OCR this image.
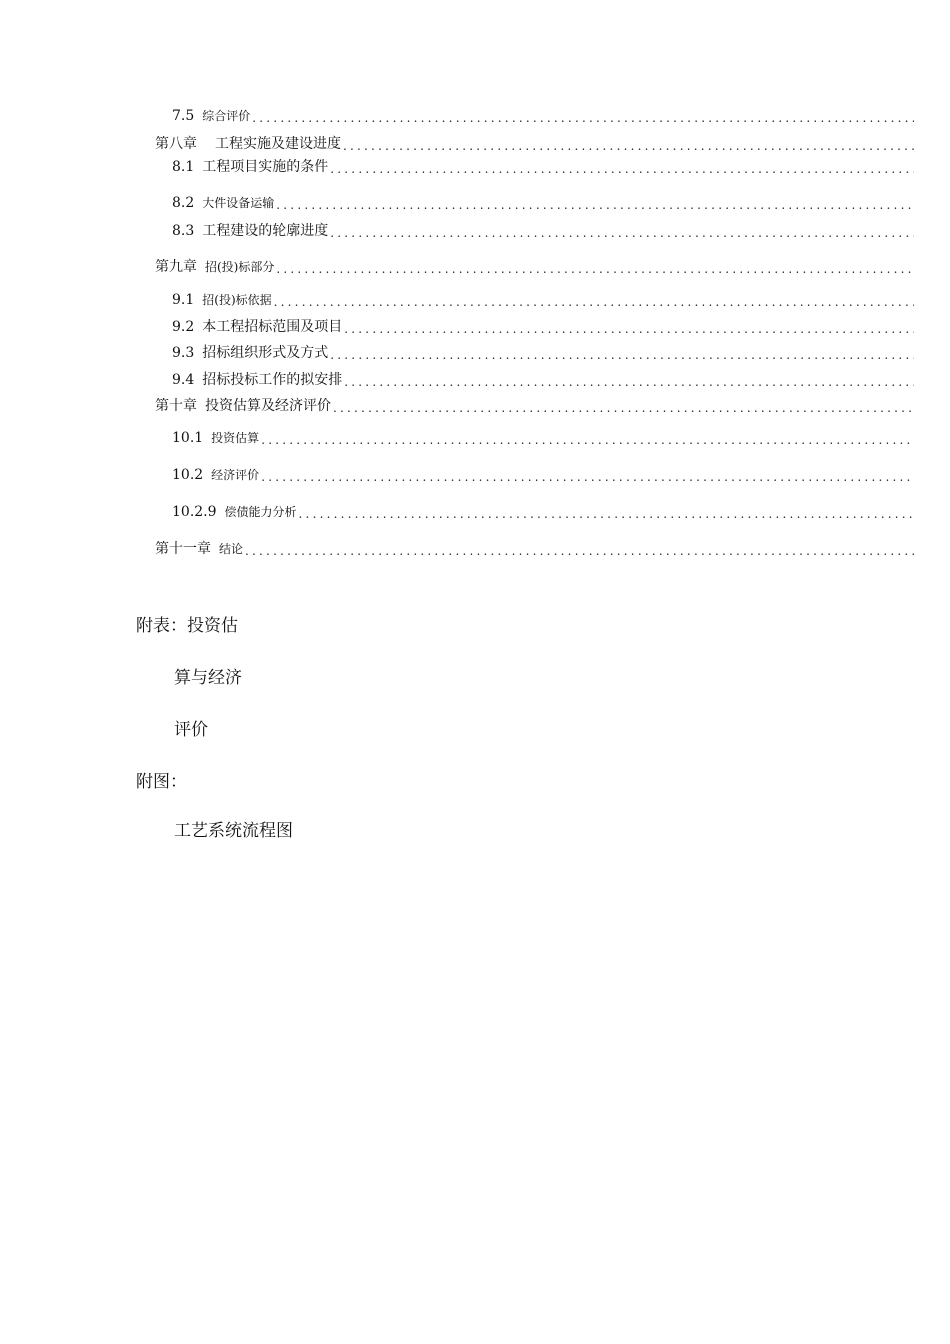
7.5 综合评价
.....
第八章 工程实施及建设进度
.....
8.1 工程项目实施的条件
.....
8.2 大件设备运输
.....
8.3 工程建设的轮廓进度
.....
第九章 招(投)标部分
.....
9.1 招(投)标依据
.....
9.2 本工程招标范围及项目
.....
9.3 招标组织形式及方式
.....
9.4 招标投标工作的拟安排
.....
第十章 投资估算及经济评价
.....
10.1 投资估算
.....
10.2 经济评价
.....
10.2.9 偿债能力分析
.....
第十一章 结论
.....
附表：投资估
算与经济
评价
附图：
工艺系统流程图
